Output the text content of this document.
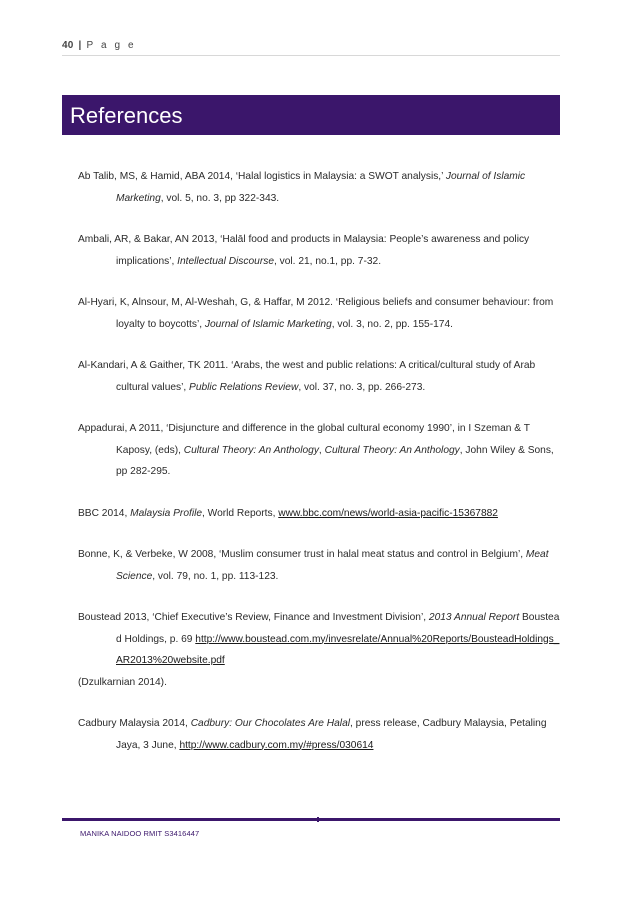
40 | P a g e
References

Ab Talib, MS, & Hamid, ABA 2014, ‘Halal logistics in Malaysia: a SWOT analysis,’ Journal of Islamic Marketing, vol. 5, no. 3, pp 322-343.

Ambali, AR, & Bakar, AN 2013, ‘Halāl food and products in Malaysia: People’s awareness and policy implications’, Intellectual Discourse, vol. 21, no.1, pp. 7-32.

Al-Hyari, K, Alnsour, M, Al-Weshah, G, & Haffar, M 2012. ‘Religious beliefs and consumer behaviour: from loyalty to boycotts’, Journal of Islamic Marketing, vol. 3, no. 2, pp. 155-174.

Al-Kandari, A & Gaither, TK 2011. ‘Arabs, the west and public relations: A critical/cultural study of Arab cultural values’, Public Relations Review, vol. 37, no. 3, pp. 266-273.

Appadurai, A 2011, ‘Disjuncture and difference in the global cultural economy 1990’, in I Szeman & T Kaposy, (eds), Cultural Theory: An Anthology, Cultural Theory: An Anthology, John Wiley & Sons, pp 282-295.

BBC 2014, Malaysia Profile, World Reports, www.bbc.com/news/world-asia-pacific-15367882

Bonne, K, & Verbeke, W 2008, ‘Muslim consumer trust in halal meat status and control in Belgium’, Meat Science, vol. 79, no. 1, pp. 113-123.

Boustead 2013, ‘Chief Executive’s Review, Finance and Investment Division’, 2013 Annual Report Boustead Holdings, p. 69 http://www.boustead.com.my/invesrelate/Annual%20Reports/BousteadHoldings_AR2013%20website.pdf

(Dzulkarnian 2014).

Cadbury Malaysia 2014, Cadbury: Our Chocolates Are Halal, press release, Cadbury Malaysia, Petaling Jaya, 3 June, http://www.cadbury.com.my/#press/030614

MANIKA NAIDOO RMIT S3416447
